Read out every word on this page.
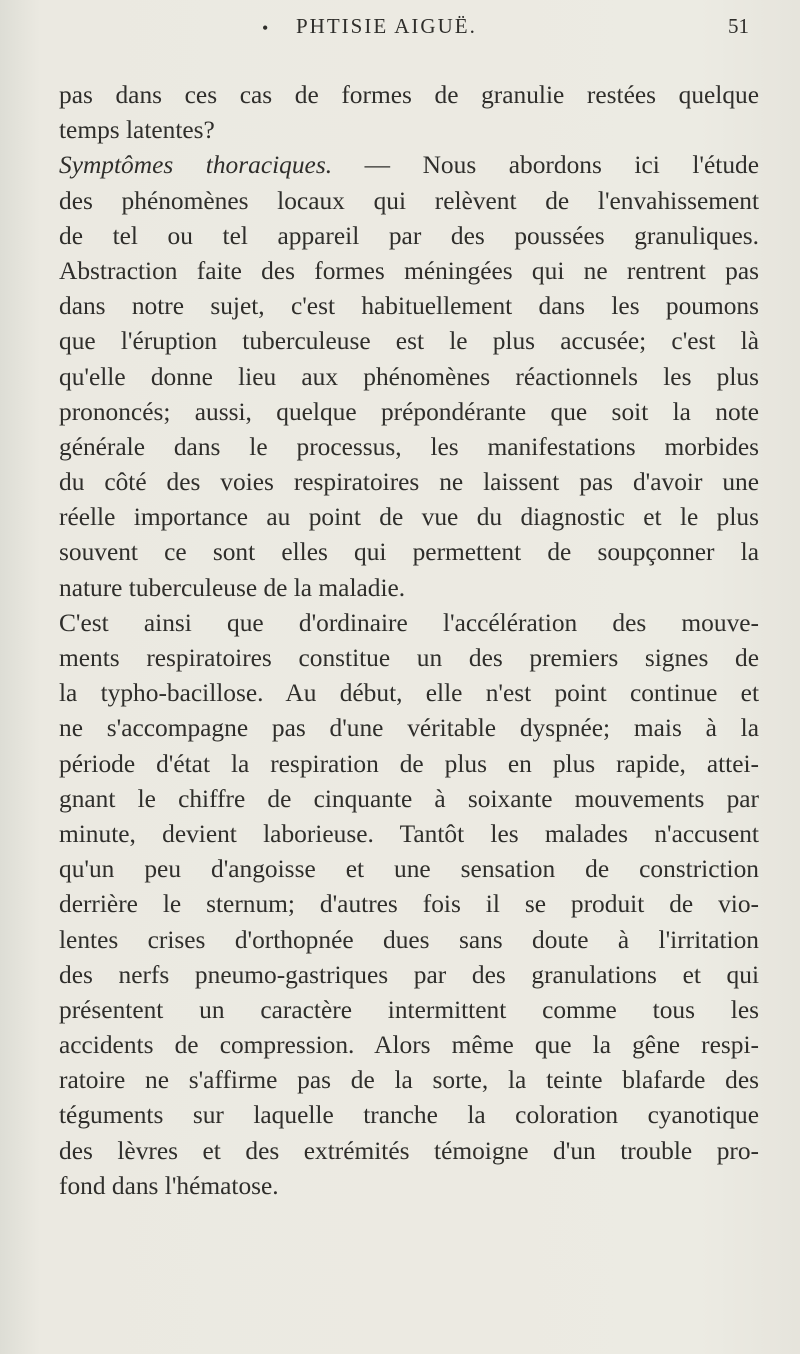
• PHTISIE AIGUË.	51
pas dans ces cas de formes de granulie restées quelque
temps latentes?
Symptômes thoraciques. — Nous abordons ici l'étude
des phénomènes locaux qui relèvent de l'envahissement
de tel ou tel appareil par des poussées granuliques.
Abstraction faite des formes méningées qui ne rentrent pas
dans notre sujet, c'est habituellement dans les poumons
que l'éruption tuberculeuse est le plus accusée; c'est là
qu'elle donne lieu aux phénomènes réactionnels les plus
prononcés; aussi, quelque prépondérante que soit la note
générale dans le processus, les manifestations morbides
du côté des voies respiratoires ne laissent pas d'avoir une
réelle importance au point de vue du diagnostic et le plus
souvent ce sont elles qui permettent de soupçonner la
nature tuberculeuse de la maladie.
C'est ainsi que d'ordinaire l'accélération des mouve-
ments respiratoires constitue un des premiers signes de
la typho-bacillose. Au début, elle n'est point continue et
ne s'accompagne pas d'une véritable dyspnée; mais à la
période d'état la respiration de plus en plus rapide, attei-
gnant le chiffre de cinquante à soixante mouvements par
minute, devient laborieuse. Tantôt les malades n'accusent
qu'un peu d'angoisse et une sensation de constriction
derrière le sternum; d'autres fois il se produit de vio-
lentes crises d'orthopnée dues sans doute à l'irritation
des nerfs pneumo-gastriques par des granulations et qui
présentent un caractère intermittent comme tous les
accidents de compression. Alors même que la gêne respi-
ratoire ne s'affirme pas de la sorte, la teinte blafarde des
téguments sur laquelle tranche la coloration cyanotique
des lèvres et des extrémités témoigne d'un trouble pro-
fond dans l'hématose.
